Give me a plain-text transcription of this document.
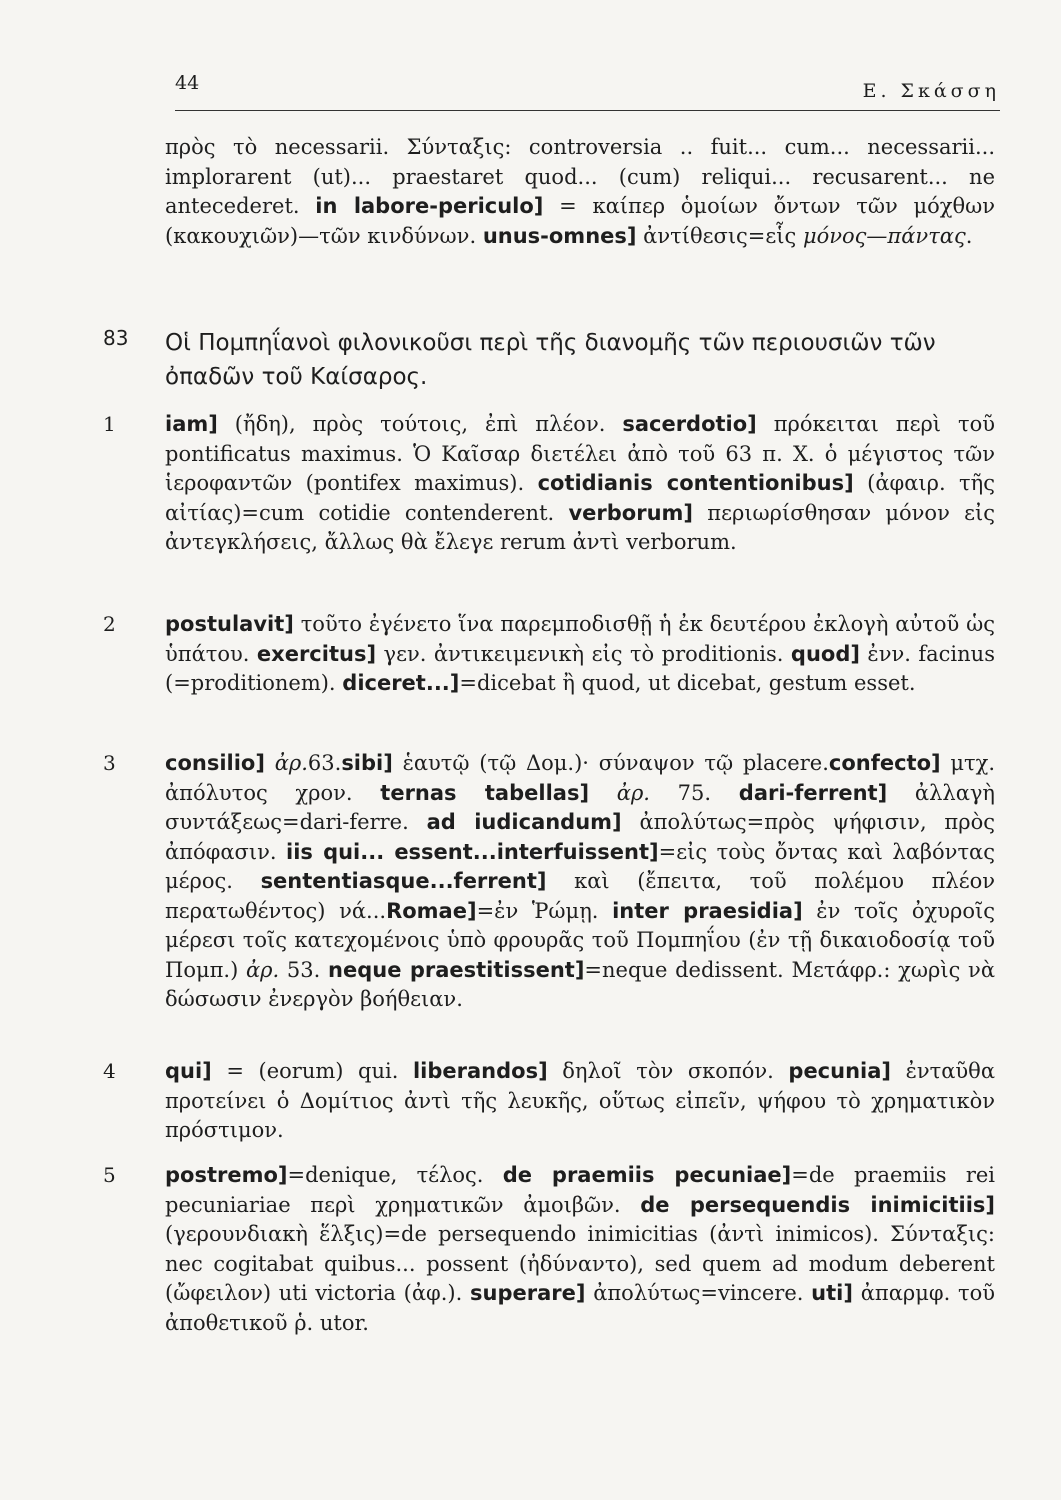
44	Ε. Σκάσση

πρὸς τὸ necessarii. Σύνταξις: controversia .. fuit... cum... necessarii... implorarent (ut)... praestaret quod... (cum) reliqui... recusarent... ne antecederet. in labore-periculo] = καίπερ ὁμοίων ὄντων τῶν μόχθων (κακουχιῶν)—τῶν κινδύνων. unus-omnes] ἀντίθεσις=εἷς μόνος—πάντας.

83 Οἱ Πομπηΐανοὶ φιλονικοῦσι περὶ τῆς διανομῆς τῶν περιουσιῶν τῶν ὀπαδῶν τοῦ Καίσαρος.

1 iam] (ἤδη), πρὸς τούτοις, ἐπὶ πλέον. sacerdotio] πρόκειται περὶ τοῦ pontificatus maximus. Ὁ Καῖσαρ διετέλει ἀπὸ τοῦ 63 π. Χ. ὁ μέγιστος τῶν ἱεροφαντῶν (pontifex maximus). cotidianis contentionibus] (ἀφαιρ. τῆς αἰτίας)=cum cotidie contenderent. verborum] περιωρίσθησαν μόνον εἰς ἀντεγκλήσεις, ἄλλως θὰ ἔλεγε rerum ἀντὶ verborum.

2 postulavit] τοῦτο ἐγένετο ἵνα παρεμποδισθῇ ἡ ἐκ δευτέρου ἐκλογὴ αὐτοῦ ὡς ὑπάτου. exercitus] γεν. ἀντικειμενικὴ εἰς τὸ proditionis. quod] ἐνν. facinus (=proditionem). diceret...]=dicebat ἢ quod, ut dicebat, gestum esset.

3 consilio] ἀρ.63.sibi] ἑαυτῷ (τῷ Δομ.)· σύναψον τῷ placere.confecto] μτχ. ἀπόλυτος χρον. ternas tabellas] ἀρ. 75. dari-ferrent] ἀλλαγὴ συντάξεως=dari-ferre. ad iudicandum] ἀπολύτως=πρὸς ψήφισιν, πρὸς ἀπόφασιν. iis qui... essent...interfuissent]=εἰς τοὺς ὄντας καὶ λαβόντας μέρος. sententiasque...ferrent] καὶ (ἔπειτα, τοῦ πολέμου πλέον περατωθέντος) νά...Romae]=ἐν Ῥώμῃ. inter praesidia] ἐν τοῖς ὀχυροῖς μέρεσι τοῖς κατεχομένοις ὑπὸ φρουρᾶς τοῦ Πομπηΐου (ἐν τῇ δικαιοδοσίᾳ τοῦ Πομπ.) ἀρ. 53. neque praestitissent]=neque dedissent. Μετάφρ.: χωρὶς νὰ δώσωσιν ἐνεργὸν βοήθειαν.

4 qui] = (eorum) qui. liberandos] δηλοῖ τὸν σκοπόν. pecunia] ἐνταῦθα προτείνει ὁ Δομίτιος ἀντὶ τῆς λευκῆς, οὕτως εἰπεῖν, ψήφου τὸ χρηματικὸν πρόστιμον.

5 postremo]=denique, τέλος. de praemiis pecuniae]=de praemiis rei pecuniariae περὶ χρηματικῶν ἀμοιβῶν. de persequendis inimicitiis] (γερουνδιακὴ ἕλξις)=de persequendo inimicitias (ἀντὶ inimicos). Σύνταξις: nec cogitabat quibus... possent (ἠδύναντο), sed quem ad modum deberent (ὤφειλον) uti victoria (ἀφ.). superare] ἀπολύτως=vincere. uti] ἀπαρμφ. τοῦ ἀποθετικοῦ ῥ. utor.
